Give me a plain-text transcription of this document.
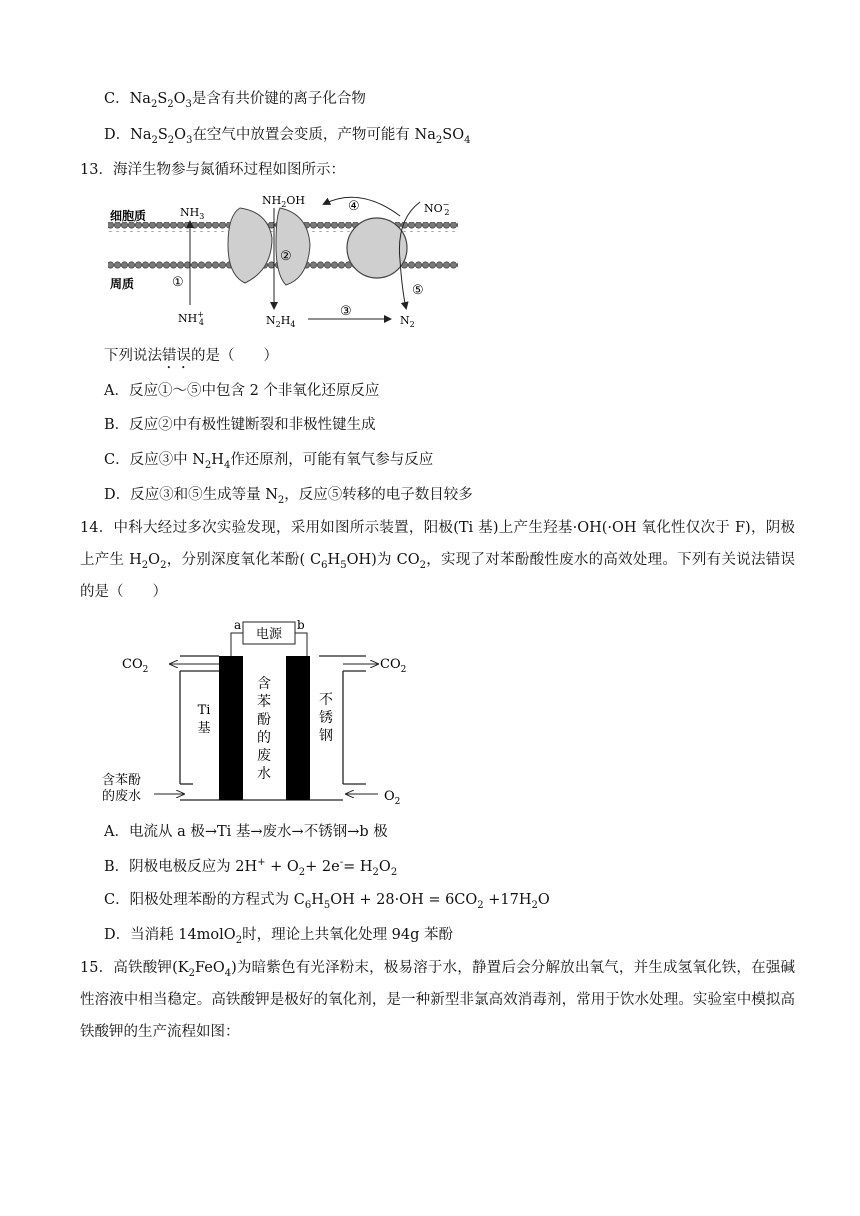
C．$Na_2S_2O_3$是含有共价键的离子化合物
D．$Na_2S_2O_3$在空气中放置会变质，产物可能有 $Na_2SO_4$
13．海洋生物参与氮循环过程如图所示：
细胞质
周质
$NH_3$
①
NH+ 4
$NH_2OH$
②
$N_2H_4$
③
$N_2$
④	NO− 2
⑤
下列说法错误的是（　　）
A．反应①～⑤中包含 2 个非氧化还原反应
B．反应②中有极性键断裂和非极性键生成
C．反应③中 $N_2H_4$作还原剂，可能有氧气参与反应
D．反应③和⑤生成等量 $N_2$，反应⑤转移的电子数目较多
14．中科大经过多次实验发现，采用如图所示装置，阳极(Ti 基)上产生羟基·OH(·OH 氧化性仅次于 F)，阴极上产生 $H_2O_2$，分别深度氧化苯酚( $C_6H_5OH$)为 $CO_2$，实现了对苯酚酸性废水的高效处理。下列有关说法错误的是（　　）
电源
a	b
$CO_2$	$CO_2$
Ti
基
含
苯
酚
的
废
水
不
锈
钢
含苯酚
的废水	$O_2$
A．电流从 a 极→Ti 基→废水→不锈钢→b 极
B．阴极电极反应为 $2H^+ + O_2+ 2e^-= H_2O_2$
C．阳极处理苯酚的方程式为 $C_6H_5OH + 28\cdot OH = 6CO_2 +17H_2O$
D．当消耗 14molO$_2$时，理论上共氧化处理 94g 苯酚
15．高铁酸钾$(K_2FeO_4)$为暗紫色有光泽粉末，极易溶于水，静置后会分解放出氧气，并生成氢氧化铁，在强碱性溶液中相当稳定。高铁酸钾是极好的氧化剂，是一种新型非氯高效消毒剂，常用于饮水处理。实验室中模拟高铁酸钾的生产流程如图：
